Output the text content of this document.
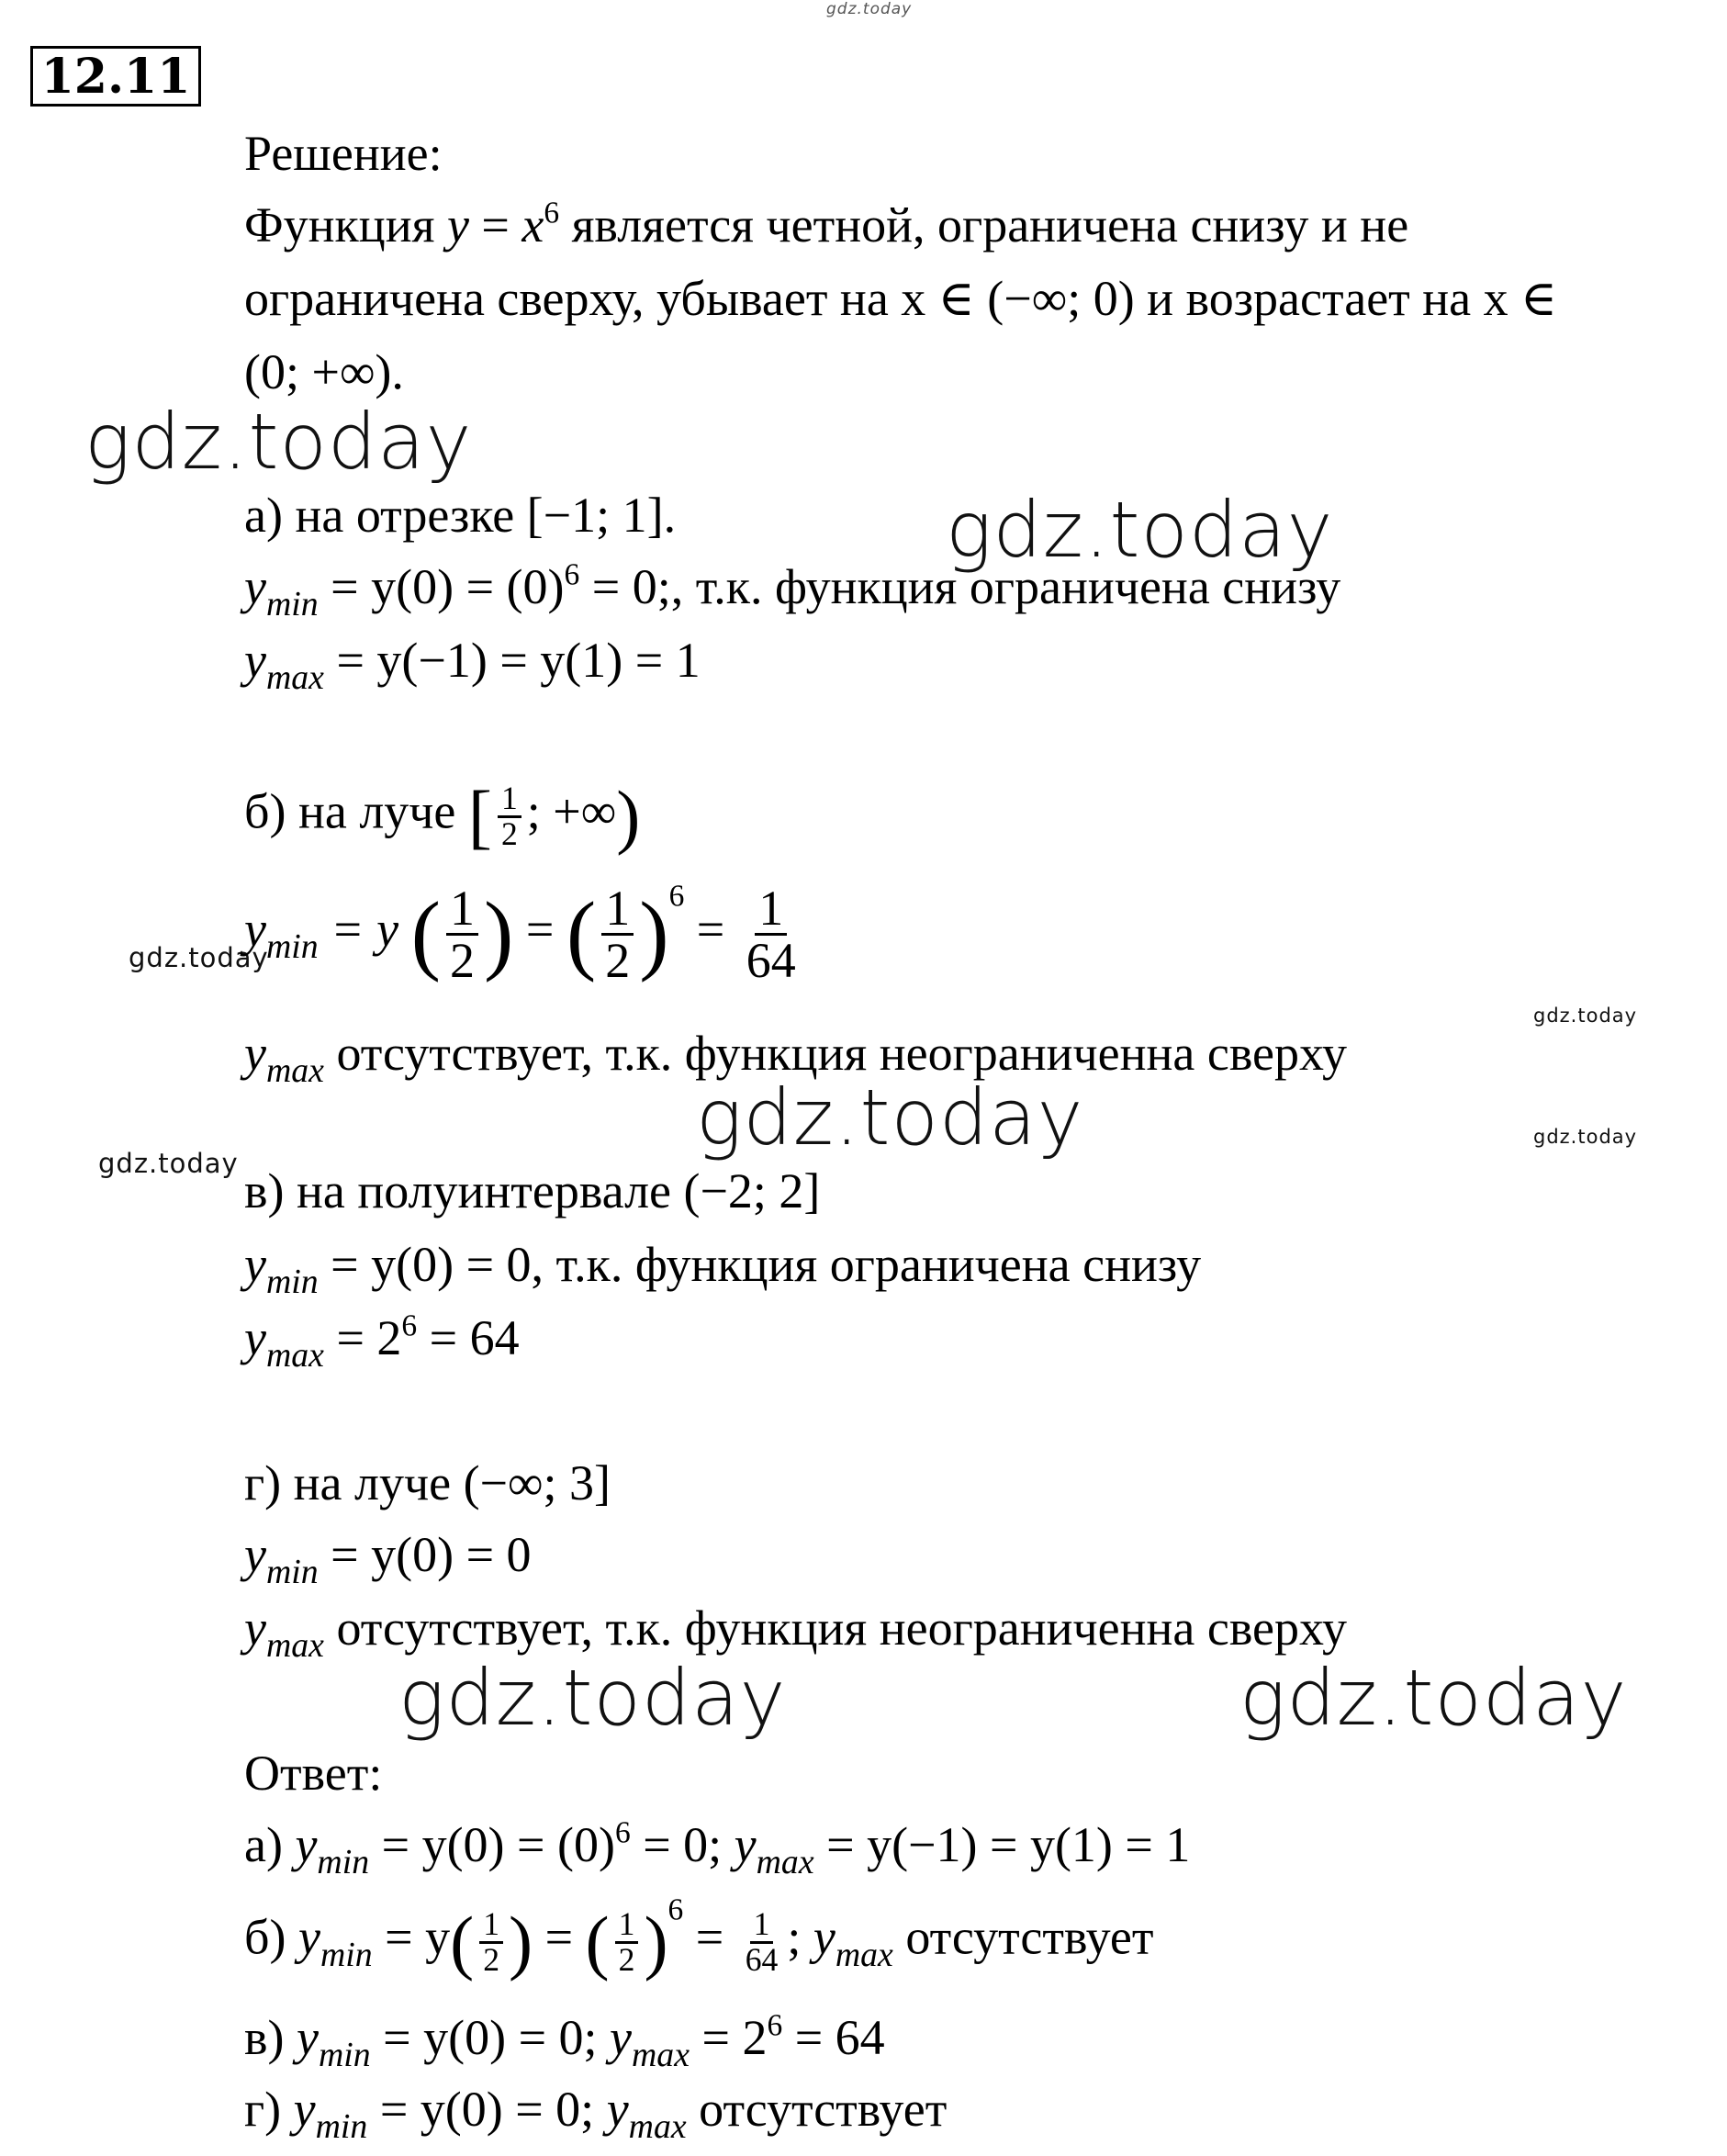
gdz.today
gdz.today
gdz.today
gdz.today
gdz.today
gdz.today	gdz.today
gdz.today
gdz.today	gdz.today
12.11
Решение:
Функция $y = x^6$ является четной, ограничена снизу и не
ограничена сверху, убывает на x ∈ (−∞; 0) и возрастает на x ∈
(0; +∞).
а) на отрезке [−1; 1].
$y_{min} = y(0) = (0)^6 = 0$;, т.к. функция ограничена снизу
$y_{max} = y(-1) = y(1) = 1$
б) на луче [ $\frac{1}{2}$ ; +∞)
$y_{min} = y$ ( $\frac{1}{2}$ ) = ( $\frac{1}{2} )^6 = \frac{1}{64}$
$y_{max}$ отсутствует, т.к. функция неограниченна сверху
в) на полуинтервале (−2; 2]
$y_{min} = y(0) = 0$, т.к. функция ограничена снизу
$y_{max} = 2^6 = 64$
г) на луче (−∞; 3]
$y_{min} = y(0) = 0$
$y_{max}$ отсутствует, т.к. функция неограниченна сверху
Ответ:
а) $y_{min} = y(0) = (0)^6 = 0$; $y_{max} = y(-1) = y(1) = 1$
б) $y_{min} = y( \frac{1}{2}$ ) = ( $\frac{1}{2} )^6 = \frac{1}{64}$ ; $y_{max}$ отсутствует
в) $y_{min} = y(0) = 0$; $y_{max} = 2^6 = 64$
г) $y_{min} = y(0) = 0$; $y_{max}$ отсутствует
